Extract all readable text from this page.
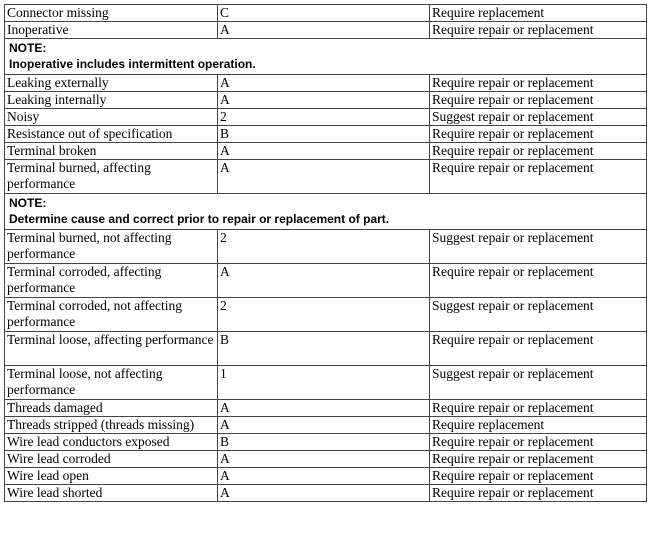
Connector missing	C	Require replacement
Inoperative	A	Require repair or replacement

NOTE:
Inoperative includes intermittent operation.		

Leaking externally	A	Require repair or replacement
Leaking internally	A	Require repair or replacement
Noisy	2	Suggest repair or replacement
Resistance out of specification	B	Require repair or replacement
Terminal broken	A	Require repair or replacement
Terminal burned, affecting performance	A	Require repair or replacement

NOTE:
Determine cause and correct prior to repair or replacement of part.		

Terminal burned, not affecting performance	2	Suggest repair or replacement
Terminal corroded, affecting performance	A	Require repair or replacement
Terminal corroded, not affecting performance	2	Suggest repair or replacement
Terminal loose, affecting performance	B	Require repair or replacement
Terminal loose, not affecting performance	1	Suggest repair or replacement
Threads damaged	A	Require repair or replacement
Threads stripped (threads missing)	A	Require replacement
Wire lead conductors exposed	B	Require repair or replacement
Wire lead corroded	A	Require repair or replacement
Wire lead open	A	Require repair or replacement
Wire lead shorted	A	Require repair or replacement
